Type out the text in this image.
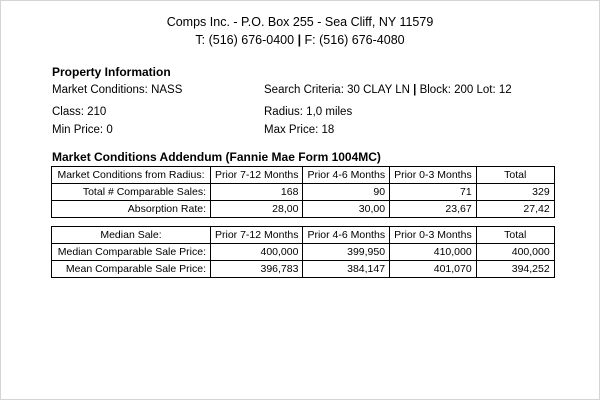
Comps Inc. - P.O. Box 255 - Sea Cliff, NY 11579
T: (516) 676-0400 | F: (516) 676-4080
Property Information
Market Conditions: NASS	Search Criteria: 30 CLAY LN | Block: 200 Lot: 12
Class: 210	Radius: 1,0 miles
Min Price: 0	Max Price: 18
Market Conditions Addendum (Fannie Mae Form 1004MC)
Market Conditions from Radius:	Prior 7-12 Months	Prior 4-6 Months	Prior 0-3 Months	Total
Total # Comparable Sales:	168	90	71	329
Absorption Rate:	28,00	30,00	23,67	27,42
Median Sale:	Prior 7-12 Months	Prior 4-6 Months	Prior 0-3 Months	Total
Median Comparable Sale Price:	400,000	399,950	410,000	400,000
Mean Comparable Sale Price:	396,783	384,147	401,070	394,252
